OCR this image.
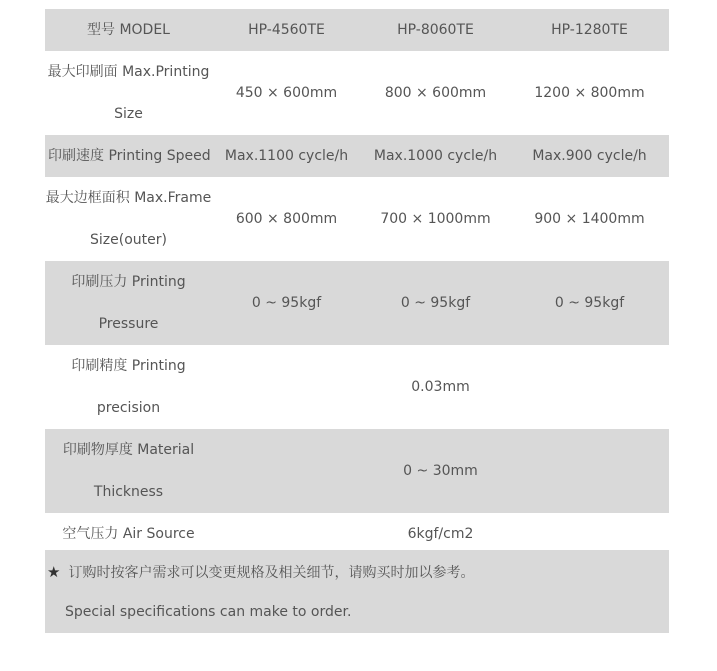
型号 MODEL	HP-4560TE	HP-8060TE	HP-1280TE

最大印刷面 Max.Printing
Size	450 × 600mm	800 × 600mm	1200 × 800mm

印刷速度 Printing Speed	Max.1100 cycle/h	Max.1000 cycle/h	Max.900 cycle/h

最大边框面积 Max.Frame
Size(outer)	600 × 800mm	700 × 1000mm	900 × 1400mm

印刷压力 Printing
Pressure	0 ~ 95kgf	0 ~ 95kgf	0 ~ 95kgf

印刷精度 Printing
precision	0.03mm		

印刷物厚度 Material
Thickness	0 ~ 30mm		

空气压力 Air Source	6kgf/cm2		
★ 订购时按客户需求可以变更规格及相关细节，请购买时加以参考。
Special specifications can make to order.
